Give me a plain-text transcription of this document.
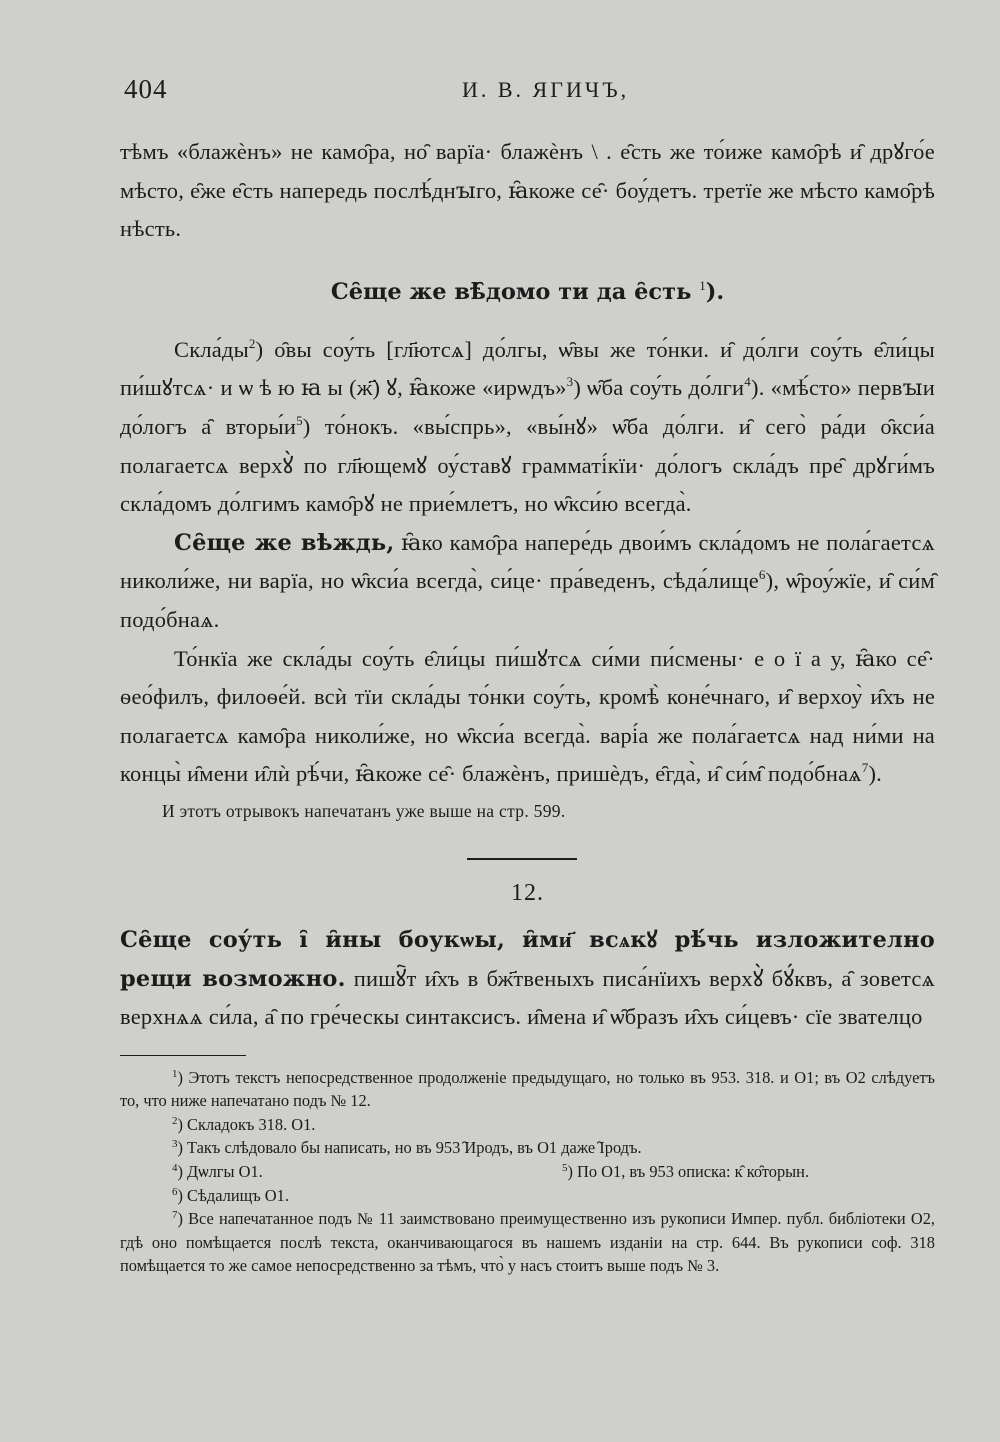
404	И. В. ЯГИЧЪ,

тѣмъ «блажѐнъ» не камо̑ра, но̑ варїа· блажѐнъ \ . е̑сть же то́иже камо̑рѣ и̑ дрꙋго́е мѣсто, е̑же е̑сть напередь послѣ́днꙑго, ꙗ̑коже се̑· боу́детъ. третїе же мѣсто камо̑рѣ нѣсть.

Се̑ще же вѣ̑домо ти да е̑сть $^1$).

$Скла́ды^2$) о̑вы соу́ть [гл҃ютсѧ] до́лгы, ѡ̑вы же то́нки. и̑ до́лги соу́ть е̑ли́цы пи́шꙋтсѧ· и ѡ ѣ ю ꙗ ы (ж҃) ꙋ, ꙗ̑коже «ирѡдъ»$^3$) ѡ̑ба соу́ть до́лги$^4$). «мѣ́сто» первꙑи до́логъ а̑ $вторы́и^5$) то́нокъ. «вы́спрь», «вы́нꙋ» ѡ̑ба до́лги. и̑ сего̀ ра́ди о̑кси́а полагаетсѧ верхꙋ̀ по гл҃ющемꙋ оу́ставꙋ грамматі́кїи· до́логъ скла́дъ пре̑ дрꙋги́мъ скла́домъ до́лгимъ камо̑рꙋ не прие́млетъ, но ѡ̑кси́ю всегда̀.

Се̑ще же вѣждь, ꙗ̑ко камо̑ра напере́дь двои́мъ скла́домъ не пола́гаетсѧ николи́же, ни варїа, но ѡ̑кси́а всегда̀, си́це· пра́веденъ, сѣда́лище$^6$), ѡ̑роу́жїе, и̑ си́м̑ подо́бнаѧ.

То́нкїа же скла́ды соу́ть е̑ли́цы пи́шꙋтсѧ си́ми пи́смены· е о ї а у, ꙗ̑ко се̑· ѳео́филъ, филоѳе́й. всѝ тїи скла́ды то́нки соу́ть, кромѣ̀ коне́чнаго, и̑ верхоу̀ и̑хъ не полагаетсѧ камо̑ра николи́же, но ѡ̑кси́а всегда̀. варі́а же пола́гаетсѧ над ни́ми на концы̀ и̑мени и̑лѝ рѣ́чи, ꙗ̑коже се̑· блажѐнъ, пришѐдъ, е̑гда̀, и̑ си́м̑ подо́бнаѧ$^7$).

И этотъ отрывокъ напечатанъ уже выше на стр. 599.

12.

Се̑ще соу́ть і̑ и̑ны боукѡы, и̑ми҃ всѧкꙋ рѣ́чь изложително рещи возможно. пишꙋ҇т и̑хъ в бж҃твеныхъ писа́нїихъ верхꙋ̀ бꙋ́квъ, а̑ зоветсѧ верхнѧѧ си́ла, а̑ по гре́ческы синтаксисъ. и̑мена и̑ ѡ̑бразъ и̑хъ си́цевъ· сїе звателцо

$^1$) Этотъ текстъ непосредственное продолженіе предыдущаго, но только въ 953. 318. и О1; въ О2 слѣдуетъ то, что ниже напечатано подъ № 12.

$^2$) Складокъ 318. О1.

$^3$) Такъ слѣдовало бы написать, но въ 953 ̑Иродъ, въ О1 даже ̑Іродъ.

$^4$) Дѡлгы О1.	$^5$) По О1, въ 953 описка: к̑ ко̑торын.

$^6$) Сѣдалищъ О1.

$^7$) Все напечатанное подъ № 11 заимствовано преимущественно изъ рукописи Импер. публ. библіотеки О2, гдѣ оно помѣщается послѣ текста, оканчивающагося въ нашемъ изданіи на стр. 644. Въ рукописи соф. 318 помѣщается то же самое непосредственно за тѣмъ, что̀ у насъ стоитъ выше подъ № 3.
